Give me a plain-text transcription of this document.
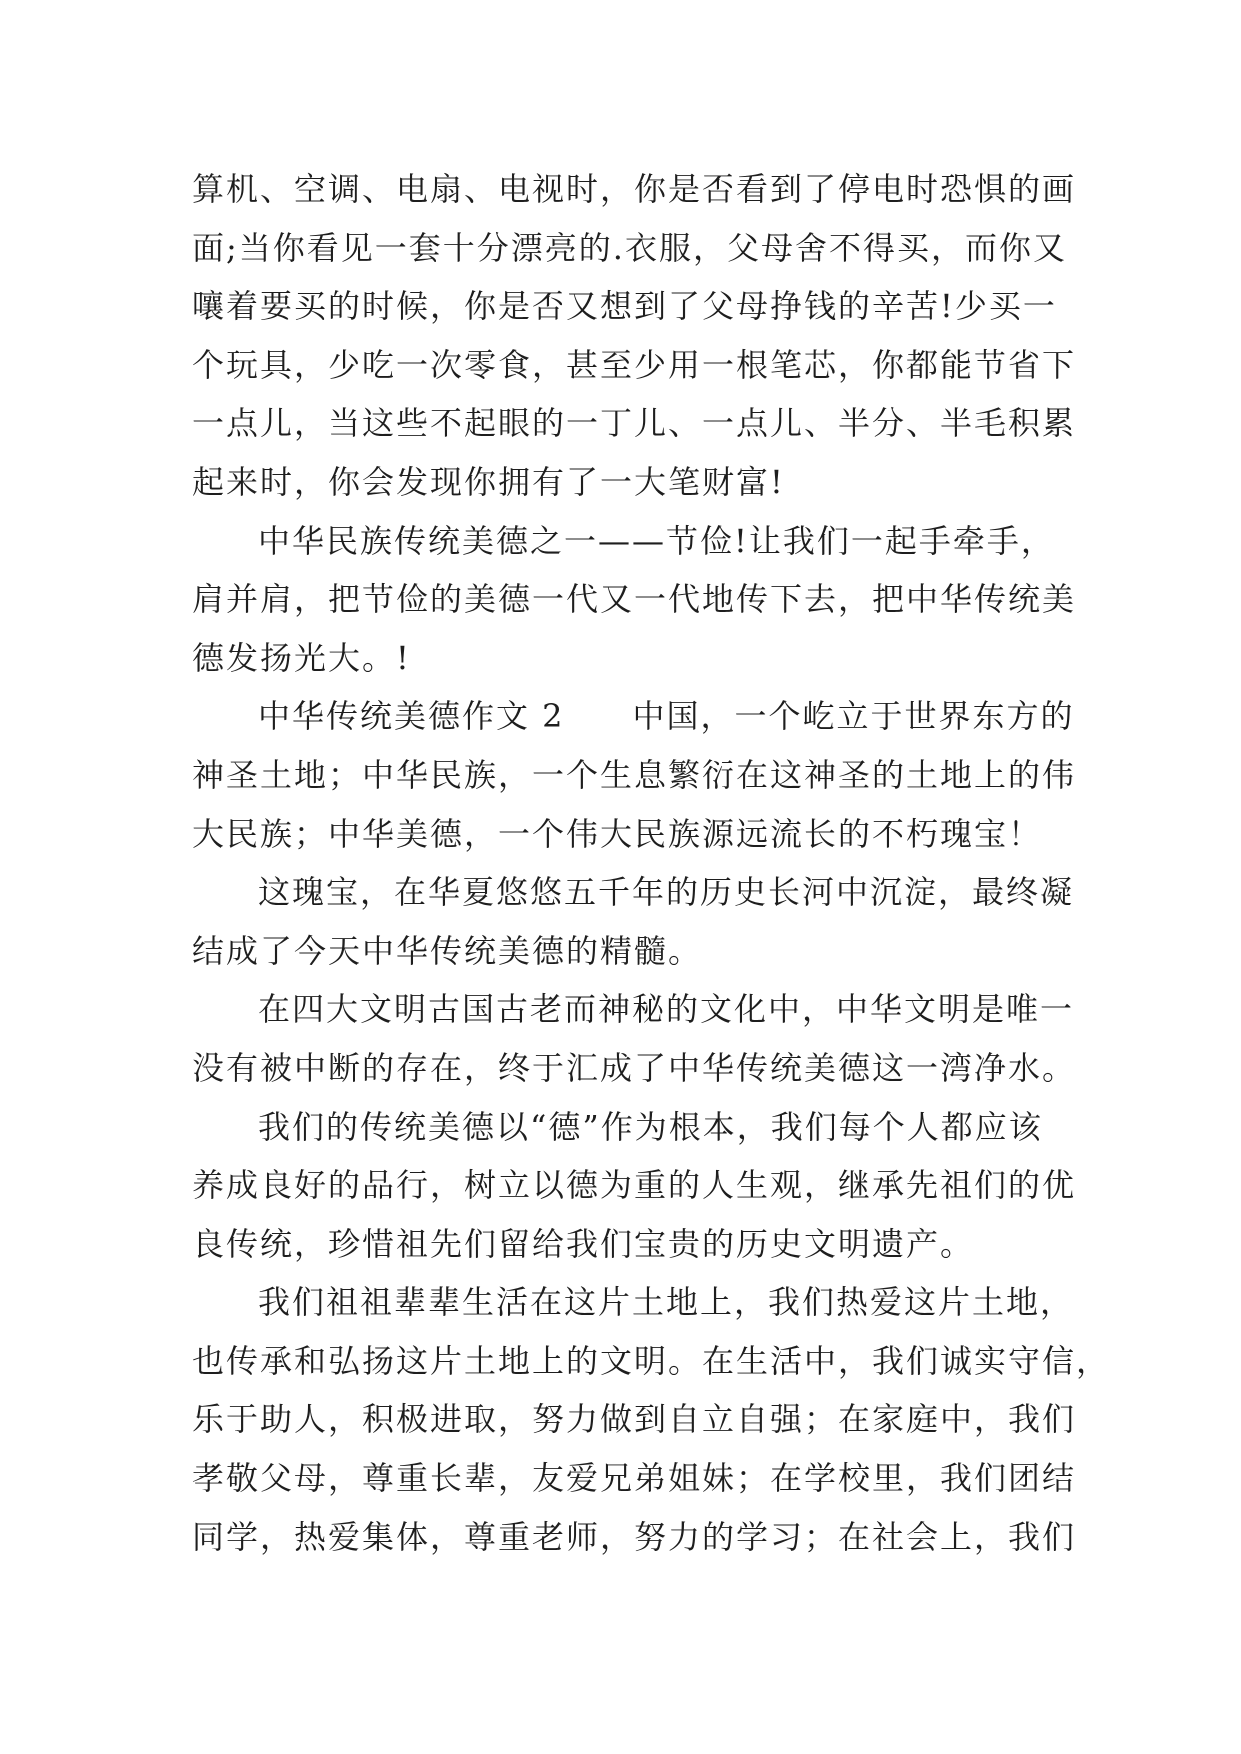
算机、空调、电扇、电视时，你是否看到了停电时恐惧的画
面;当你看见一套十分漂亮的.衣服，父母舍不得买，而你又
嚷着要买的时候，你是否又想到了父母挣钱的辛苦!少买一
个玩具，少吃一次零食，甚至少用一根笔芯，你都能节省下
一点儿，当这些不起眼的一丁儿、一点儿、半分、半毛积累
起来时，你会发现你拥有了一大笔财富!
中华民族传统美德之一——节俭!让我们一起手牵手，
肩并肩，把节俭的美德一代又一代地传下去，把中华传统美
德发扬光大。!
中华传统美德作文 2　　中国，一个屹立于世界东方的
神圣土地；中华民族，一个生息繁衍在这神圣的土地上的伟
大民族；中华美德，一个伟大民族源远流长的不朽瑰宝！
这瑰宝，在华夏悠悠五千年的历史长河中沉淀，最终凝
结成了今天中华传统美德的精髓。
在四大文明古国古老而神秘的文化中，中华文明是唯一
没有被中断的存在，终于汇成了中华传统美德这一湾净水。
我们的传统美德以“德”作为根本，我们每个人都应该
养成良好的品行，树立以德为重的人生观，继承先祖们的优
良传统，珍惜祖先们留给我们宝贵的历史文明遗产。
我们祖祖辈辈生活在这片土地上，我们热爱这片土地，
也传承和弘扬这片土地上的文明。在生活中，我们诚实守信，
乐于助人，积极进取，努力做到自立自强；在家庭中，我们
孝敬父母，尊重长辈，友爱兄弟姐妹；在学校里，我们团结
同学，热爱集体，尊重老师，努力的学习；在社会上，我们
